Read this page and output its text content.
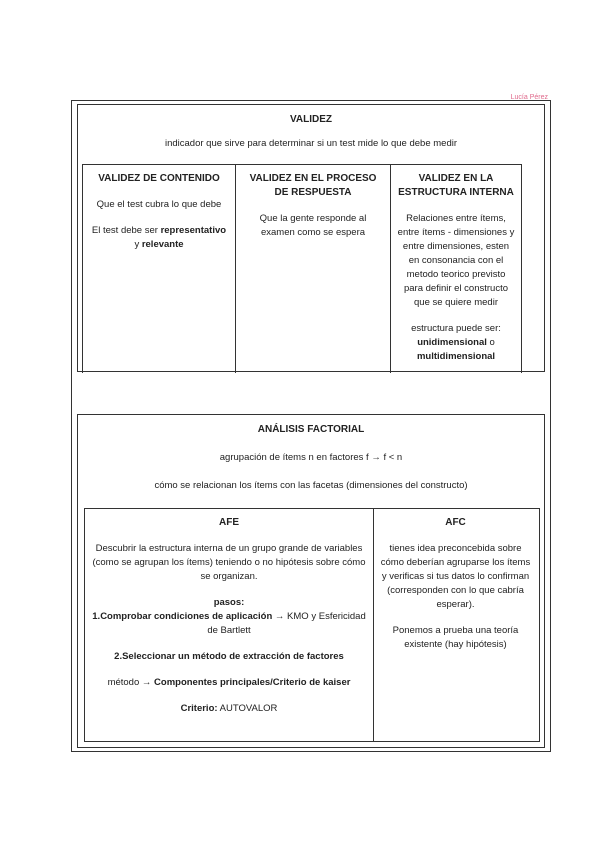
Lucía Pérez
VALIDEZ
indicador que sirve para determinar si un test mide lo que debe medir
VALIDEZ DE CONTENIDO

Que el test cubra lo que debe

El test debe ser representativo y relevante

VALIDEZ EN EL PROCESO DE RESPUESTA

Que la gente responde al examen como se espera

VALIDEZ EN LA ESTRUCTURA INTERNA

Relaciones entre ítems, entre ítems - dimensiones y entre dimensiones, esten en consonancia con el metodo teorico previsto para definir el constructo que se quiere medir

estructura puede ser: unidimensional o multidimensional

ANÁLISIS FACTORIAL
agrupación de ítems n en factores f → f < n
cómo se relacionan los ítems con las facetas (dimensiones del constructo)
AFE

Descubrir la estructura interna de un grupo grande de variables (como se agrupan los ítems) teniendo o no hipótesis sobre cómo se organizan.

pasos:
1.Comprobar condiciones de aplicación → KMO y Esfericidad de Bartlett

2.Seleccionar un método de extracción de factores

método → Componentes principales/Criterio de kaiser

Criterio: AUTOVALOR

AFC

tienes idea preconcebida sobre cómo deberían agruparse los ítems y verificas si tus datos lo confirman (corresponden con lo que cabría esperar).

Ponemos a prueba una teoría existente (hay hipótesis)
